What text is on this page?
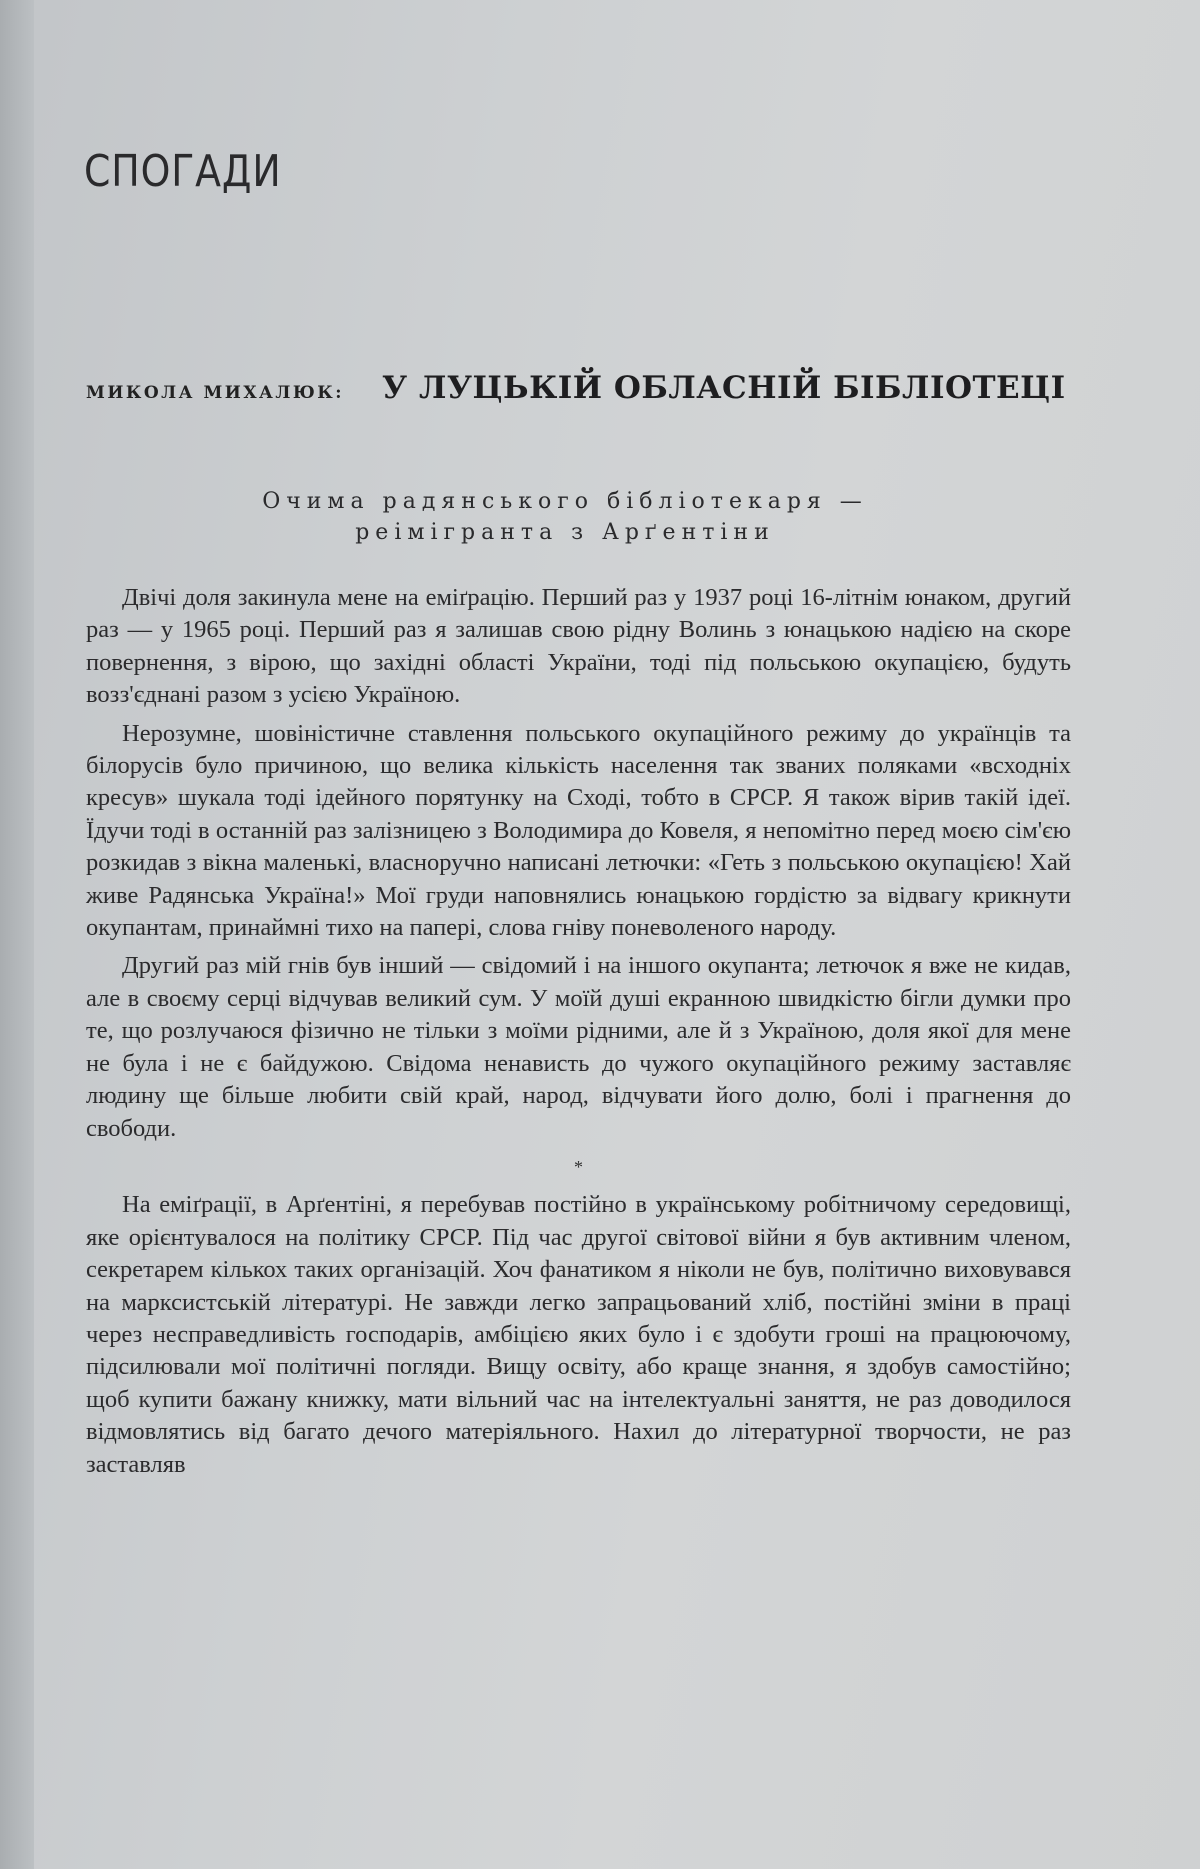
СПОГАДИ
МИКОЛА МИХАЛЮК: У ЛУЦЬКІЙ ОБЛАСНІЙ БІБЛІОТЕЦІ
Очима радянського бібліотекаря —
реімігранта з Арґентіни

Двічі доля закинула мене на еміґрацію. Перший раз у 1937 році 16-літнім юнаком, другий раз — у 1965 році. Перший раз я залишав свою рідну Волинь з юнацькою надією на скоре повернення, з вірою, що західні області України, тоді під польською окупацією, будуть возз'єднані разом з усією Україною.

Нерозумне, шовіністичне ставлення польського окупаційного режиму до українців та білорусів було причиною, що велика кількість населення так званих поляками «всходніх кресув» шукала тоді ідейного порятунку на Сході, тобто в СРСР. Я також вірив такій ідеї. Їдучи тоді в останній раз залізницею з Володимира до Ковеля, я непомітно перед моєю сім'єю розкидав з вікна маленькі, власноручно написані летючки: «Геть з польською окупацією! Хай живе Радянська Україна!» Мої груди наповнялись юнацькою гордістю за відвагу крикнути окупантам, принаймні тихо на папері, слова гніву поневоленого народу.

Другий раз мій гнів був інший — свідомий і на іншого окупанта; летючок я вже не кидав, але в своєму серці відчував великий сум. У моїй душі екранною швидкістю бігли думки про те, що розлучаюся фізично не тільки з моїми рідними, але й з Україною, доля якої для мене не була і не є байдужою. Свідома ненависть до чужого окупаційного режиму заставляє людину ще більше любити свій край, народ, відчувати його долю, болі і прагнення до свободи.

*

На еміґрації, в Арґентіні, я перебував постійно в українському робітничому середовищі, яке орієнтувалося на політику СРСР. Під час другої світової війни я був активним членом, секретарем кількох таких організацій. Хоч фанатиком я ніколи не був, політично виховувався на марксистській літературі. Не завжди легко запрацьований хліб, постійні зміни в праці через несправедливість господарів, амбіцією яких було і є здобути гроші на працюючому, підсилювали мої політичні погляди. Вищу освіту, або краще знання, я здобув самостійно; щоб купити бажану книжку, мати вільний час на інтелектуальні заняття, не раз доводилося відмовлятись від багато дечого матеріяльного. Нахил до літературної творчости, не раз заставляв
